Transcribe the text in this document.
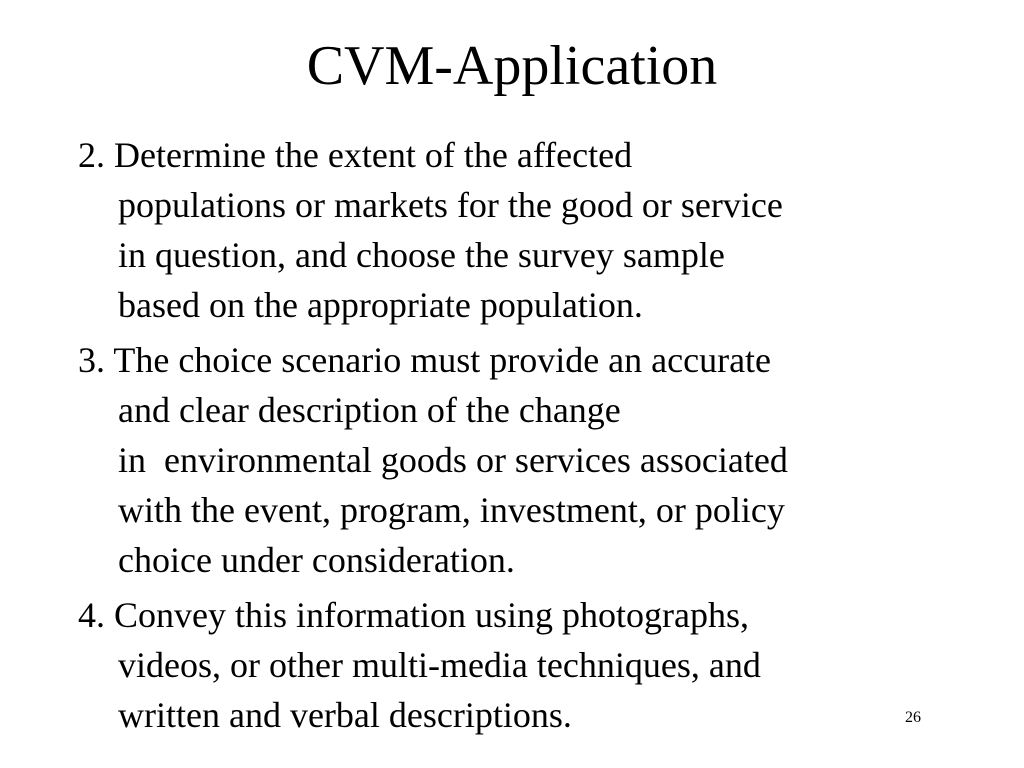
CVM-Application
2. Determine the extent of the affected
populations or markets for the good or service
in question, and choose the survey sample
based on the appropriate population.
3. The choice scenario must provide an accurate
and clear description of the change
in  environmental goods or services associated
with the event, program, investment, or policy
choice under consideration.
4. Convey this information using photographs,
videos, or other multi-media techniques, and
written and verbal descriptions.	26
